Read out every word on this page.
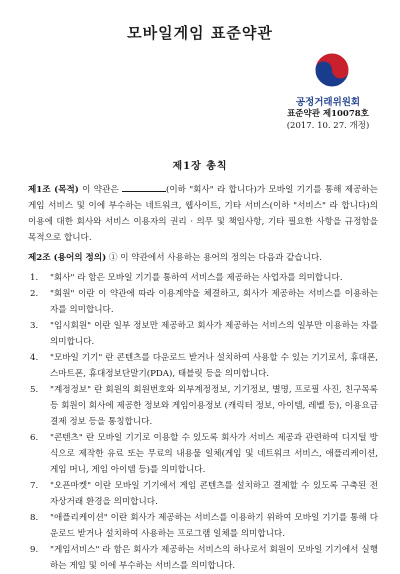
모바일게임 표준약관
공정거래위원회
표준약관 제10078호
(2017. 10. 27. 개정)
제1장 총칙

제1조 (목적) 이 약관은	(이하 "회사" 라 합니다)가 모바일 기기를 통해 제공하는 게임 서비스 및 이에 부수하는 네트워크, 웹사이트, 기타 서비스(이하 "서비스" 라 합니다)의 이용에 대한 회사와 서비스 이용자의 권리 · 의무 및 책임사항, 기타 필요한 사항을 규정함을 목적으로 합니다.

제2조 (용어의 정의) ① 이 약관에서 사용하는 용어의 정의는 다음과 같습니다.

1.	"회사" 라 함은 모바일 기기를 통하여 서비스를 제공하는 사업자를 의미합니다.
2.	"회원" 이란 이 약관에 따라 이용계약을 체결하고, 회사가 제공하는 서비스를 이용하는 자를 의미합니다.
3.	"임시회원" 이란 일부 정보만 제공하고 회사가 제공하는 서비스의 일부만 이용하는 자를 의미합니다.
4.	"모바일 기기" 란 콘텐츠를 다운로드 받거나 설치하여 사용할 수 있는 기기로서, 휴대폰, 스마트폰, 휴대정보단말기(PDA), 태블릿 등을 의미합니다.
5.	"계정정보" 란 회원의 회원번호와 외부계정정보, 기기정보, 별명, 프로필 사진, 친구목록 등 회원이 회사에 제공한 정보와 게임이용정보 (캐릭터 정보, 아이템, 레벨 등), 이용요금 결제 정보 등을 통칭합니다.
6.	"콘텐츠" 란 모바일 기기로 이용할 수 있도록 회사가 서비스 제공과 관련하여 디지털 방식으로 제작한 유료 또는 무료의 내용물 일체(게임 및 네트워크 서비스, 애플리케이션, 게임 머니, 게임 아이템 등)를 의미합니다.
7.	"오픈마켓" 이란 모바일 기기에서 게임 콘텐츠를 설치하고 결제할 수 있도록 구축된 전자상거래 환경을 의미합니다.
8.	"애플리케이션" 이란 회사가 제공하는 서비스를 이용하기 위하여 모바일 기기를 통해 다운로드 받거나 설치하여 사용하는 프로그램 일체를 의미합니다.
9.	"게임서비스" 라 함은 회사가 제공하는 서비스의 하나로서 회원이 모바일 기기에서 실행하는 게임 및 이에 부수하는 서비스를 의미합니다.
